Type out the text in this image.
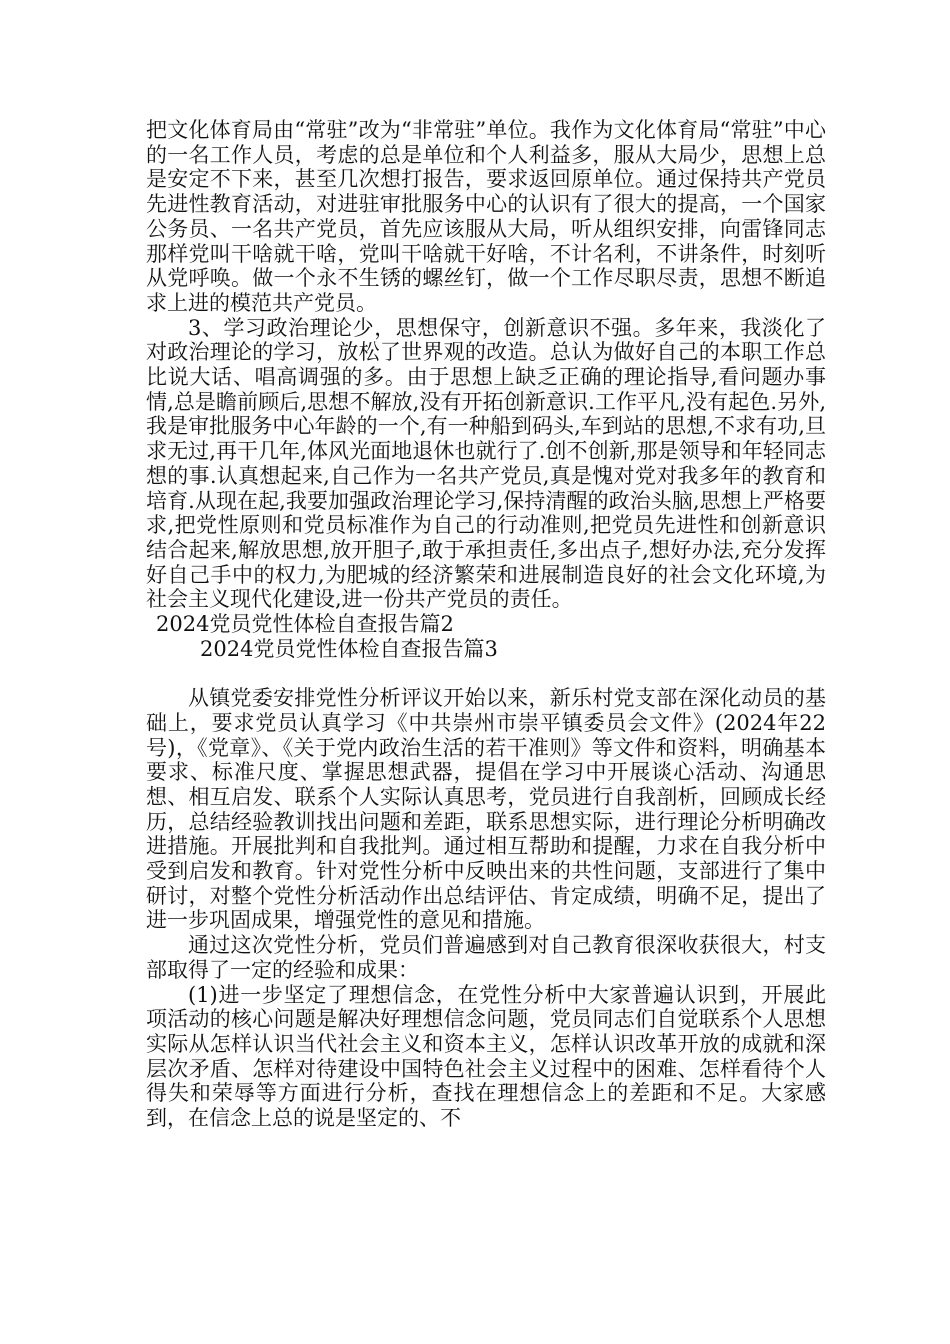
把文化体育局由“常驻”改为“非常驻”单位。我作为文化体育局“常驻”中心的一名工作人员，考虑的总是单位和个人利益多，服从大局少，思想上总是安定不下来，甚至几次想打报告，要求返回原单位。通过保持共产党员先进性教育活动，对进驻审批服务中心的认识有了很大的提高，一个国家公务员、一名共产党员，首先应该服从大局，听从组织安排，向雷锋同志那样党叫干啥就干啥，党叫干啥就干好啥，不计名利，不讲条件，时刻听从党呼唤。做一个永不生锈的螺丝钉，做一个工作尽职尽责，思想不断追求上进的模范共产党员。

3、学习政治理论少，思想保守，创新意识不强。多年来，我淡化了对政治理论的学习，放松了世界观的改造。总认为做好自己的本职工作总比说大话、唱高调强的多。由于思想上缺乏正确的理论指导,看问题办事情,总是瞻前顾后,思想不解放,没有开拓创新意识.工作平凡,没有起色.另外,我是审批服务中心年龄的一个,有一种船到码头,车到站的思想,不求有功,旦求无过,再干几年,体风光面地退休也就行了.创不创新,那是领导和年轻同志想的事.认真想起来,自己作为一名共产党员,真是愧对党对我多年的教育和培育.从现在起,我要加强政治理论学习,保持清醒的政治头脑,思想上严格要求,把党性原则和党员标准作为自己的行动准则,把党员先进性和创新意识结合起来,解放思想,放开胆子,敢于承担责任,多出点子,想好办法,充分发挥好自己手中的权力,为肥城的经济繁荣和进展制造良好的社会文化环境,为社会主义现代化建设,进一份共产党员的责任。

2024党员党性体检自查报告篇2

2024党员党性体检自查报告篇3

从镇党委安排党性分析评议开始以来，新乐村党支部在深化动员的基础上，要求党员认真学习《中共崇州市崇平镇委员会文件》(2024年22号)，《党章》、《关于党内政治生活的若干准则》等文件和资料，明确基本要求、标准尺度、掌握思想武器，提倡在学习中开展谈心活动、沟通思想、相互启发、联系个人实际认真思考，党员进行自我剖析，回顾成长经历，总结经验教训找出问题和差距，联系思想实际，进行理论分析明确改进措施。开展批判和自我批判。通过相互帮助和提醒，力求在自我分析中受到启发和教育。针对党性分析中反映出来的共性问题，支部进行了集中研讨，对整个党性分析活动作出总结评估、肯定成绩，明确不足，提出了进一步巩固成果，增强党性的意见和措施。

通过这次党性分析，党员们普遍感到对自己教育很深收获很大，村支部取得了一定的经验和成果：

(1)进一步坚定了理想信念，在党性分析中大家普遍认识到，开展此项活动的核心问题是解决好理想信念问题，党员同志们自觉联系个人思想实际从怎样认识当代社会主义和资本主义，怎样认识改革开放的成就和深层次矛盾、怎样对待建设中国特色社会主义过程中的困难、怎样看待个人得失和荣辱等方面进行分析，查找在理想信念上的差距和不足。大家感到，在信念上总的说是坚定的、不
